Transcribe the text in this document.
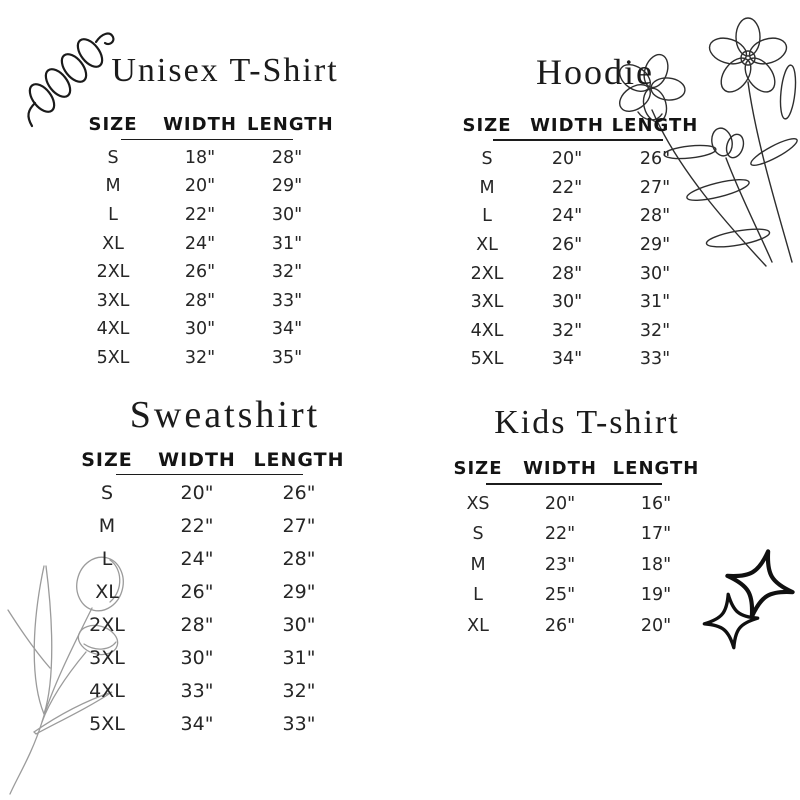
Unisex T-Shirt
SIZE	WIDTH LENGTH
S	18"	28"
M	20"	29"
L	22"	30"
XL	24"	31"
2XL	26"	32"
3XL	28"	33"
4XL	30"	34"
5XL	32"	35"
Hoodie
SIZE	WIDTH LENGTH
S	20"	26"
M	22"	27"
L	24"	28"
XL	26"	29"
2XL	28"	30"
3XL	30"	31"
4XL	32"	32"
5XL	34"	33"
Sweatshirt
SIZE	WIDTH LENGTH
S	20"	26"
M	22"	27"
L	24"	28"
XL	26"	29"
2XL	28"	30"
3XL	30"	31"
4XL	33"	32"
5XL	34"	33"
Kids T-shirt
SIZE	WIDTH LENGTH
XS	20"	16"
S	22"	17"
M	23"	18"
L	25"	19"
XL	26"	20"
